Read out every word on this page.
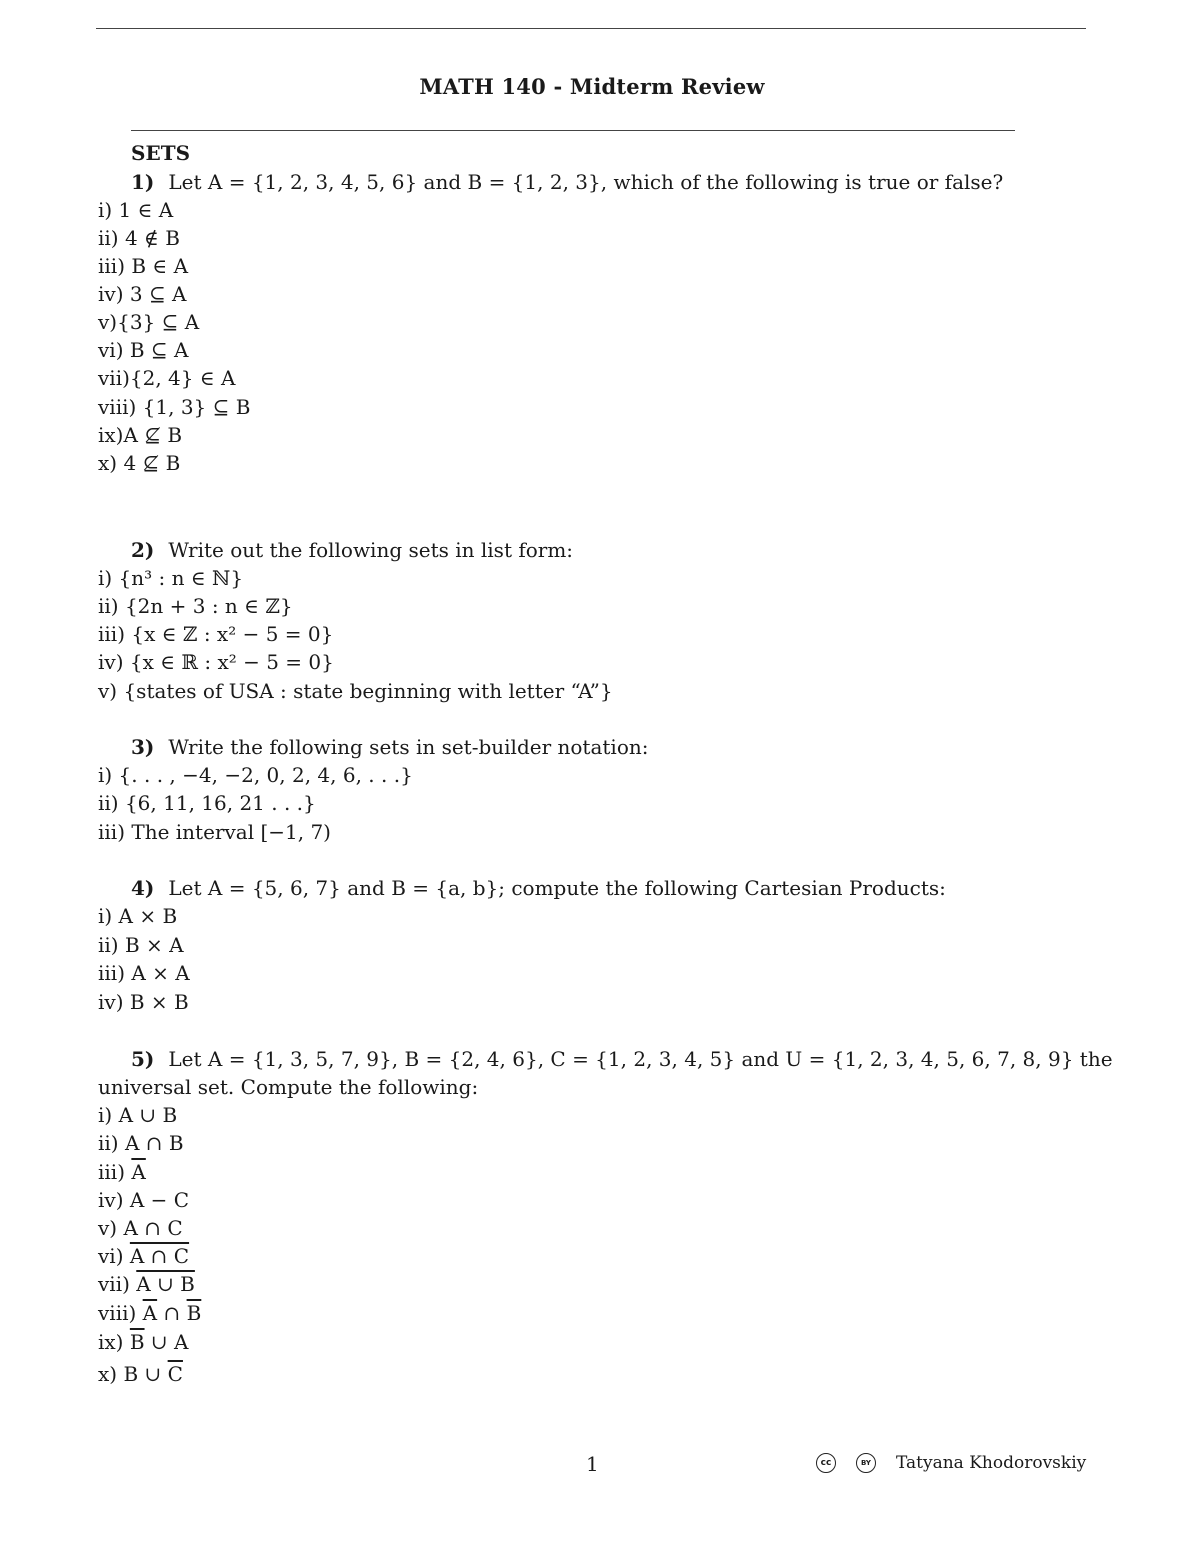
MATH 140 - Midterm Review
SETS
1) Let A = {1, 2, 3, 4, 5, 6} and B = {1, 2, 3}, which of the following is true or false?
i) 1 ∈ A
ii) 4 ∉ B
iii) B ∈ A
iv) 3 ⊆ A
v){3} ⊆ A
vi) B ⊆ A
vii){2, 4} ∈ A
viii) {1, 3} ⊆ B
ix)A ⊈ B
x) 4 ⊈ B
2) Write out the following sets in list form:
i) {n³ : n ∈ ℕ}
ii) {2n + 3 : n ∈ ℤ}
iii) {x ∈ ℤ : x² − 5 = 0}
iv) {x ∈ ℝ : x² − 5 = 0}
v) {states of USA : state beginning with letter “A”}
3) Write the following sets in set-builder notation:
i) {. . . , −4, −2, 0, 2, 4, 6, . . .}
ii) {6, 11, 16, 21 . . .}
iii) The interval [−1, 7)
4) Let A = {5, 6, 7} and B = {a, b}; compute the following Cartesian Products:
i) A × B
ii) B × A
iii) A × A
iv) B × B
5) Let A = {1, 3, 5, 7, 9}, B = {2, 4, 6}, C = {1, 2, 3, 4, 5} and U = {1, 2, 3, 4, 5, 6, 7, 8, 9} the
universal set. Compute the following:
i) A ∪ B
ii) A ∩ B
iii) $\overline{A}$
iv) A − C
v) A ∩ C
vi) A ∩ C
vii) A ∪ B
viii) $\overline{A}$ ∩ $\overline{B}$
ix) $\overline{B}$ ∪ A
x) B ∪ $\overline{C}$
1	cc	BY Tatyana Khodorovskiy
